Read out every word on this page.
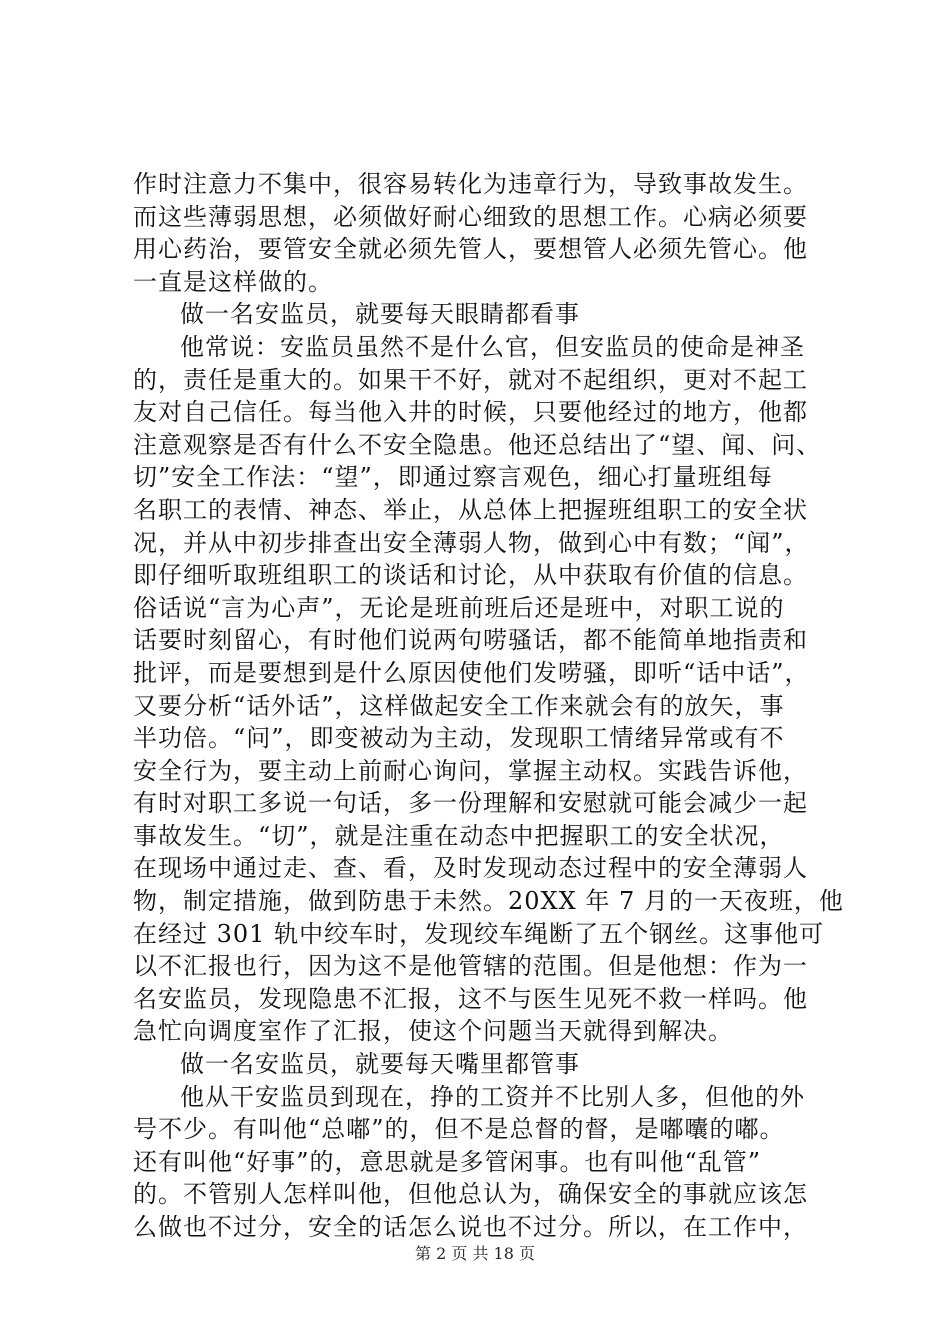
作时注意力不集中，很容易转化为违章行为，导致事故发生。
而这些薄弱思想，必须做好耐心细致的思想工作。心病必须要
用心药治，要管安全就必须先管人，要想管人必须先管心。他
一直是这样做的。
做一名安监员，就要每天眼睛都看事
他常说：安监员虽然不是什么官，但安监员的使命是神圣
的，责任是重大的。如果干不好，就对不起组织，更对不起工
友对自己信任。每当他入井的时候，只要他经过的地方，他都
注意观察是否有什么不安全隐患。他还总结出了“望、闻、问、
切”安全工作法：“望”，即通过察言观色，细心打量班组每
名职工的表情、神态、举止，从总体上把握班组职工的安全状
况，并从中初步排查出安全薄弱人物，做到心中有数；“闻”，
即仔细听取班组职工的谈话和讨论，从中获取有价值的信息。
俗话说“言为心声”，无论是班前班后还是班中，对职工说的
话要时刻留心，有时他们说两句唠骚话，都不能简单地指责和
批评，而是要想到是什么原因使他们发唠骚，即听“话中话”，
又要分析“话外话”，这样做起安全工作来就会有的放矢，事
半功倍。“问”，即变被动为主动，发现职工情绪异常或有不
安全行为，要主动上前耐心询问，掌握主动权。实践告诉他，
有时对职工多说一句话，多一份理解和安慰就可能会减少一起
事故发生。“切”，就是注重在动态中把握职工的安全状况，
在现场中通过走、查、看，及时发现动态过程中的安全薄弱人
物，制定措施，做到防患于未然。20XX 年 7 月的一天夜班，他
在经过 301 轨中绞车时，发现绞车绳断了五个钢丝。这事他可
以不汇报也行，因为这不是他管辖的范围。但是他想：作为一
名安监员，发现隐患不汇报，这不与医生见死不救一样吗。他
急忙向调度室作了汇报，使这个问题当天就得到解决。
做一名安监员，就要每天嘴里都管事
他从干安监员到现在，挣的工资并不比别人多，但他的外
号不少。有叫他“总嘟”的，但不是总督的督，是嘟囔的嘟。
还有叫他“好事”的，意思就是多管闲事。也有叫他“乱管”
的。不管别人怎样叫他，但他总认为，确保安全的事就应该怎
么做也不过分，安全的话怎么说也不过分。所以，在工作中，
第 2 页 共 18 页
